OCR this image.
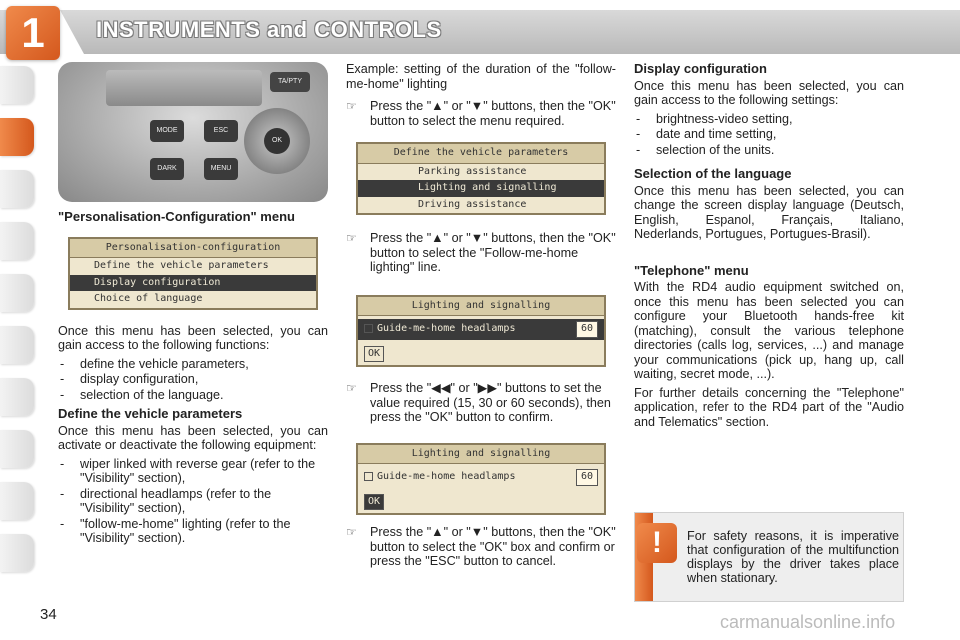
1	INSTRUMENTS and CONTROLS
TA/PTY
MODE
DARK
ESC
MENU
OK
"Personalisation-Configuration" menu
Personalisation-configuration
Define the vehicle parameters
Display configuration
Choice of language

Once this menu has been selected, you can gain access to the following functions:

- define the vehicle parameters,
- display configuration,
- selection of the language.
Define the vehicle parameters

Once this menu has been selected, you can activate or deactivate the following equipment:

- wiper linked with reverse gear (refer to the "Visibility" section),
- directional headlamps (refer to the "Visibility" section),
- "follow-me-home" lighting (refer to the "Visibility" section).

Example: setting of the duration of the "follow-me-home" lighting

☞ Press the "▲" or "▼" buttons, then the "OK" button to select the menu required.
Define the vehicle parameters
Parking assistance
Lighting and signalling
Driving assistance
☞ Press the "▲" or "▼" buttons, then the "OK" button to select the "Follow-me-home lighting" line.
Lighting and signalling
Guide-me-home headlamps	60
OK
☞ Press the "◀◀" or "▶▶" buttons to set the value required (15, 30 or 60 seconds), then press the "OK" button to confirm.
Lighting and signalling
Guide-me-home headlamps	60
OK
☞ Press the "▲" or "▼" buttons, then the "OK" button to select the "OK" box and confirm or press the "ESC" button to cancel.
Display configuration

Once this menu has been selected, you can gain access to the following settings:

- brightness-video setting,
- date and time setting,
- selection of the units.
Selection of the language

Once this menu has been selected, you can change the screen display language (Deutsch, English, Espanol, Français, Italiano, Nederlands, Portugues, Portugues-Brasil).

"Telephone" menu

With the RD4 audio equipment switched on, once this menu has been selected you can configure your Bluetooth hands-free kit (matching), consult the various telephone directories (calls log, services, ...) and manage your communications (pick up, hang up, call waiting, secret mode, ...).

For further details concerning the "Telephone" application, refer to the RD4 part of the "Audio and Telematics" section.

!	For safety reasons, it is imperative that configuration of the multifunction displays by the driver takes place when stationary.
34	carmanualsonline.info
